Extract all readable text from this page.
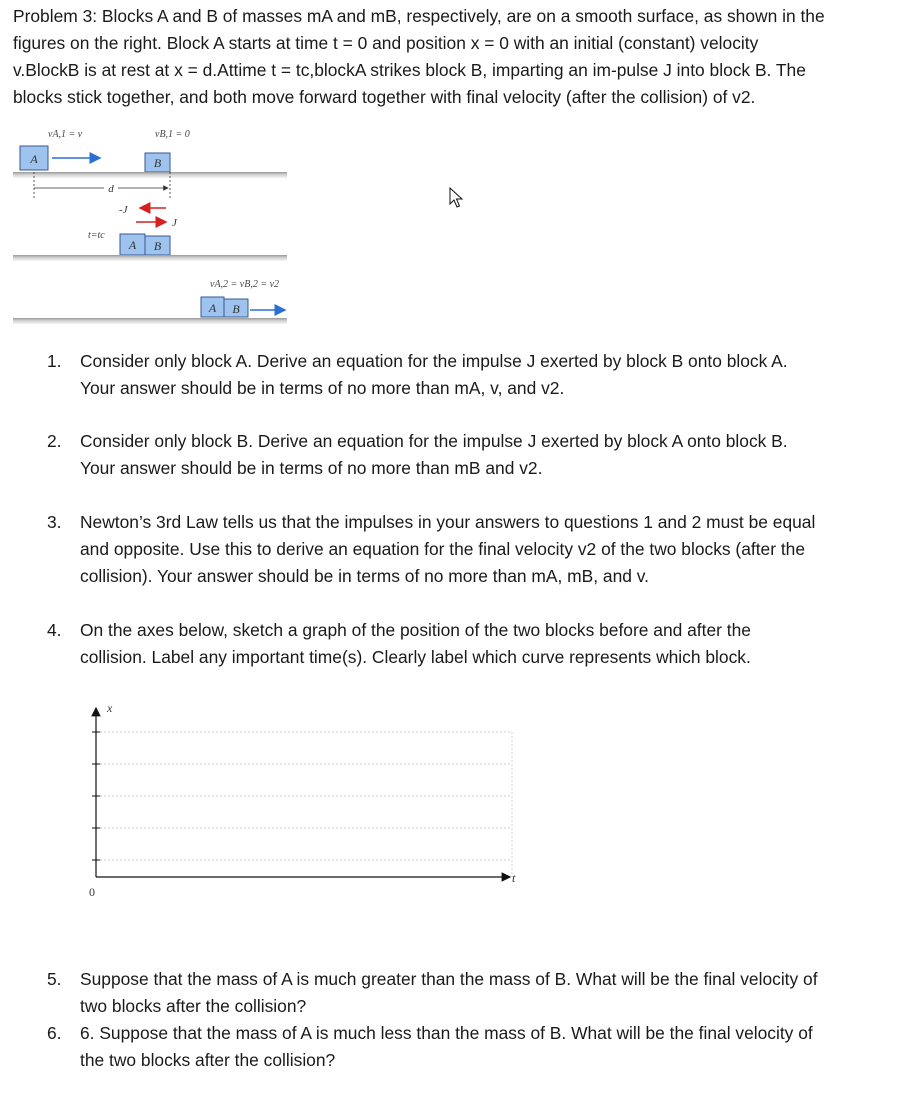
Problem 3: Blocks A and B of masses mA and mB, respectively, are on a smooth surface, as shown in the

figures on the right. Block A starts at time t = 0 and position x = 0 with an initial (constant) velocity

v.BlockB is at rest at x = d.Attime t = tc,blockA strikes block B, imparting an im-pulse J into block B. The

blocks stick together, and both move forward together with final velocity (after the collision) of v2.

vA,1 = v	vB,1 = 0
A	B
d
-J
J
t=tc
A B
vA,2 = vB,2 = v2
A B
1. Consider only block A. Derive an equation for the impulse J exerted by block B onto block A.
Your answer should be in terms of no more than mA, v, and v2.
2. Consider only block B. Derive an equation for the impulse J exerted by block A onto block B.
Your answer should be in terms of no more than mB and v2.
3. Newton’s 3rd Law tells us that the impulses in your answers to questions 1 and 2 must be equal
and opposite. Use this to derive an equation for the final velocity v2 of the two blocks (after the
collision). Your answer should be in terms of no more than mA, mB, and v.
4. On the axes below, sketch a graph of the position of the two blocks before and after the
collision. Label any important time(s). Clearly label which curve represents which block.
x
t
0
5. Suppose that the mass of A is much greater than the mass of B. What will be the final velocity of
two blocks after the collision?
6. 6. Suppose that the mass of A is much less than the mass of B. What will be the final velocity of
the two blocks after the collision?
